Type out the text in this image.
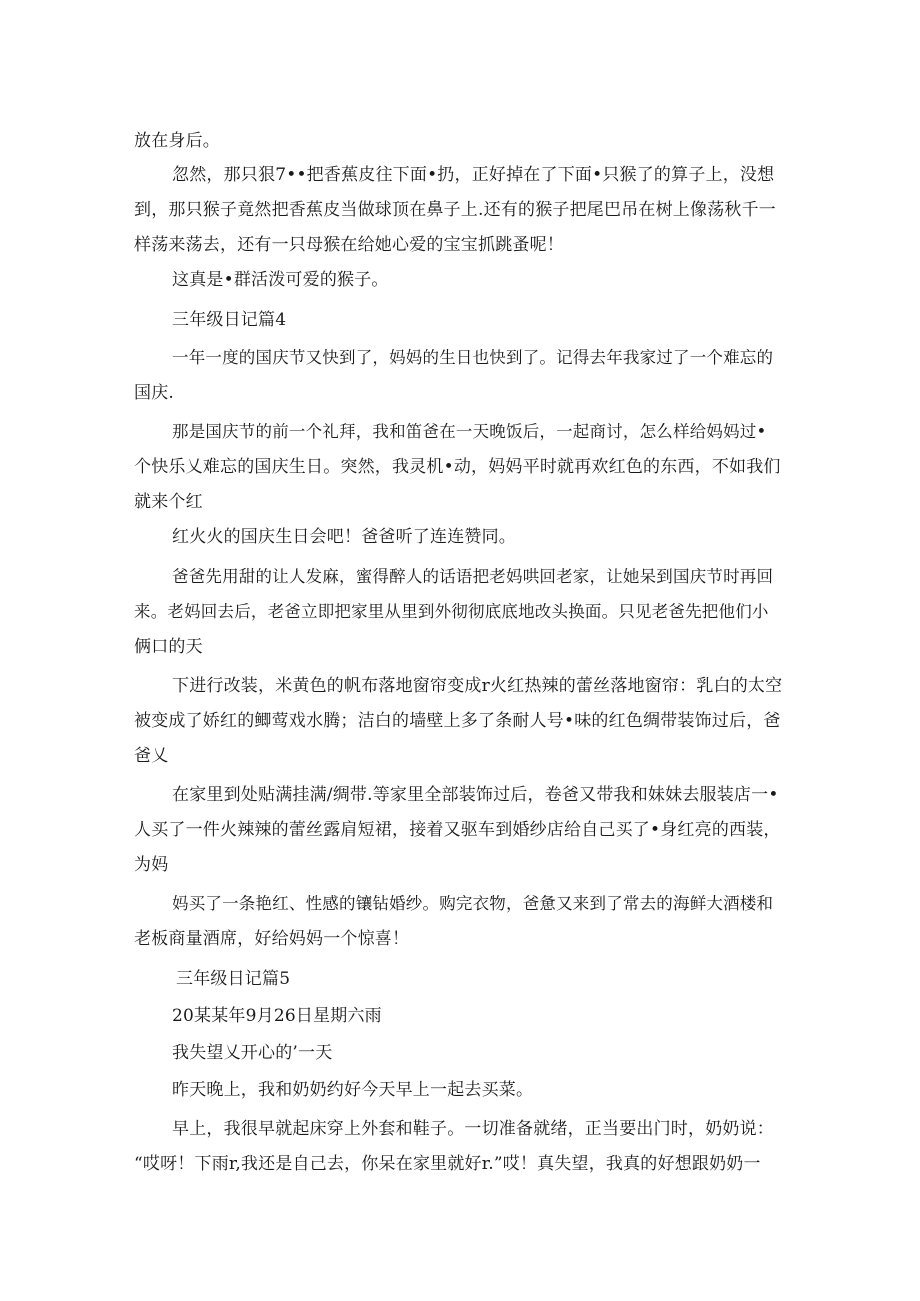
放在身后。
忽然，那只狠7••把香蕉皮往下面•扔，正好掉在了下面•只猴了的算子上，没想
到，那只猴子竟然把香蕉皮当做球顶在鼻子上.还有的猴子把尾巴吊在树上像荡秋千一
样荡来荡去，还有一只母猴在给她心爱的宝宝抓跳蚤呢！
这真是•群活泼可爱的猴子。
三年级日记篇4
一年一度的国庆节又快到了，妈妈的生日也快到了。记得去年我家过了一个难忘的
国庆.
那是国庆节的前一个礼拜，我和笛爸在一天晚饭后，一起商讨，怎么样给妈妈过•
个快乐乂难忘的国庆生日。突然，我灵机•动，妈妈平时就再欢红色的东西，不如我们
就来个红
红火火的国庆生日会吧！爸爸听了连连赞同。
爸爸先用甜的让人发麻，蜜得醉人的话语把老妈哄回老家，让她呆到国庆节时再回
来。老妈回去后，老爸立即把家里从里到外彻彻底底地改头换面。只见老爸先把他们小
俩口的天
下进行改装，米黄色的帆布落地窗帘变成r火红热辣的蕾丝落地窗帘：乳白的太空
被变成了娇红的鲫莺戏水腾；洁白的墙壁上多了条耐人号•味的红色绸带装饰过后，爸
爸乂
在家里到处贴满挂满/绸带.等家里全部装饰过后，卷爸又带我和妹妹去服装店一•
人买了一件火辣辣的蕾丝露肩短裙，接着又驱车到婚纱店给自己买了•身红亮的西装，
为妈
妈买了一条艳红、性感的镶钻婚纱。购完衣物，爸惫又来到了常去的海鲜大酒楼和
老板商量酒席，好给妈妈一个惊喜！
三年级日记篇5
20某某年9月26日星期六雨
我失望乂开心的’一天
昨天晚上，我和奶奶约好今天早上一起去买菜。
早上，我很早就起床穿上外套和鞋子。一切准备就绪，正当要出门时，奶奶说：
“哎呀！下雨r,我还是自己去，你呆在家里就好r.”哎！真失望，我真的好想跟奶奶一
